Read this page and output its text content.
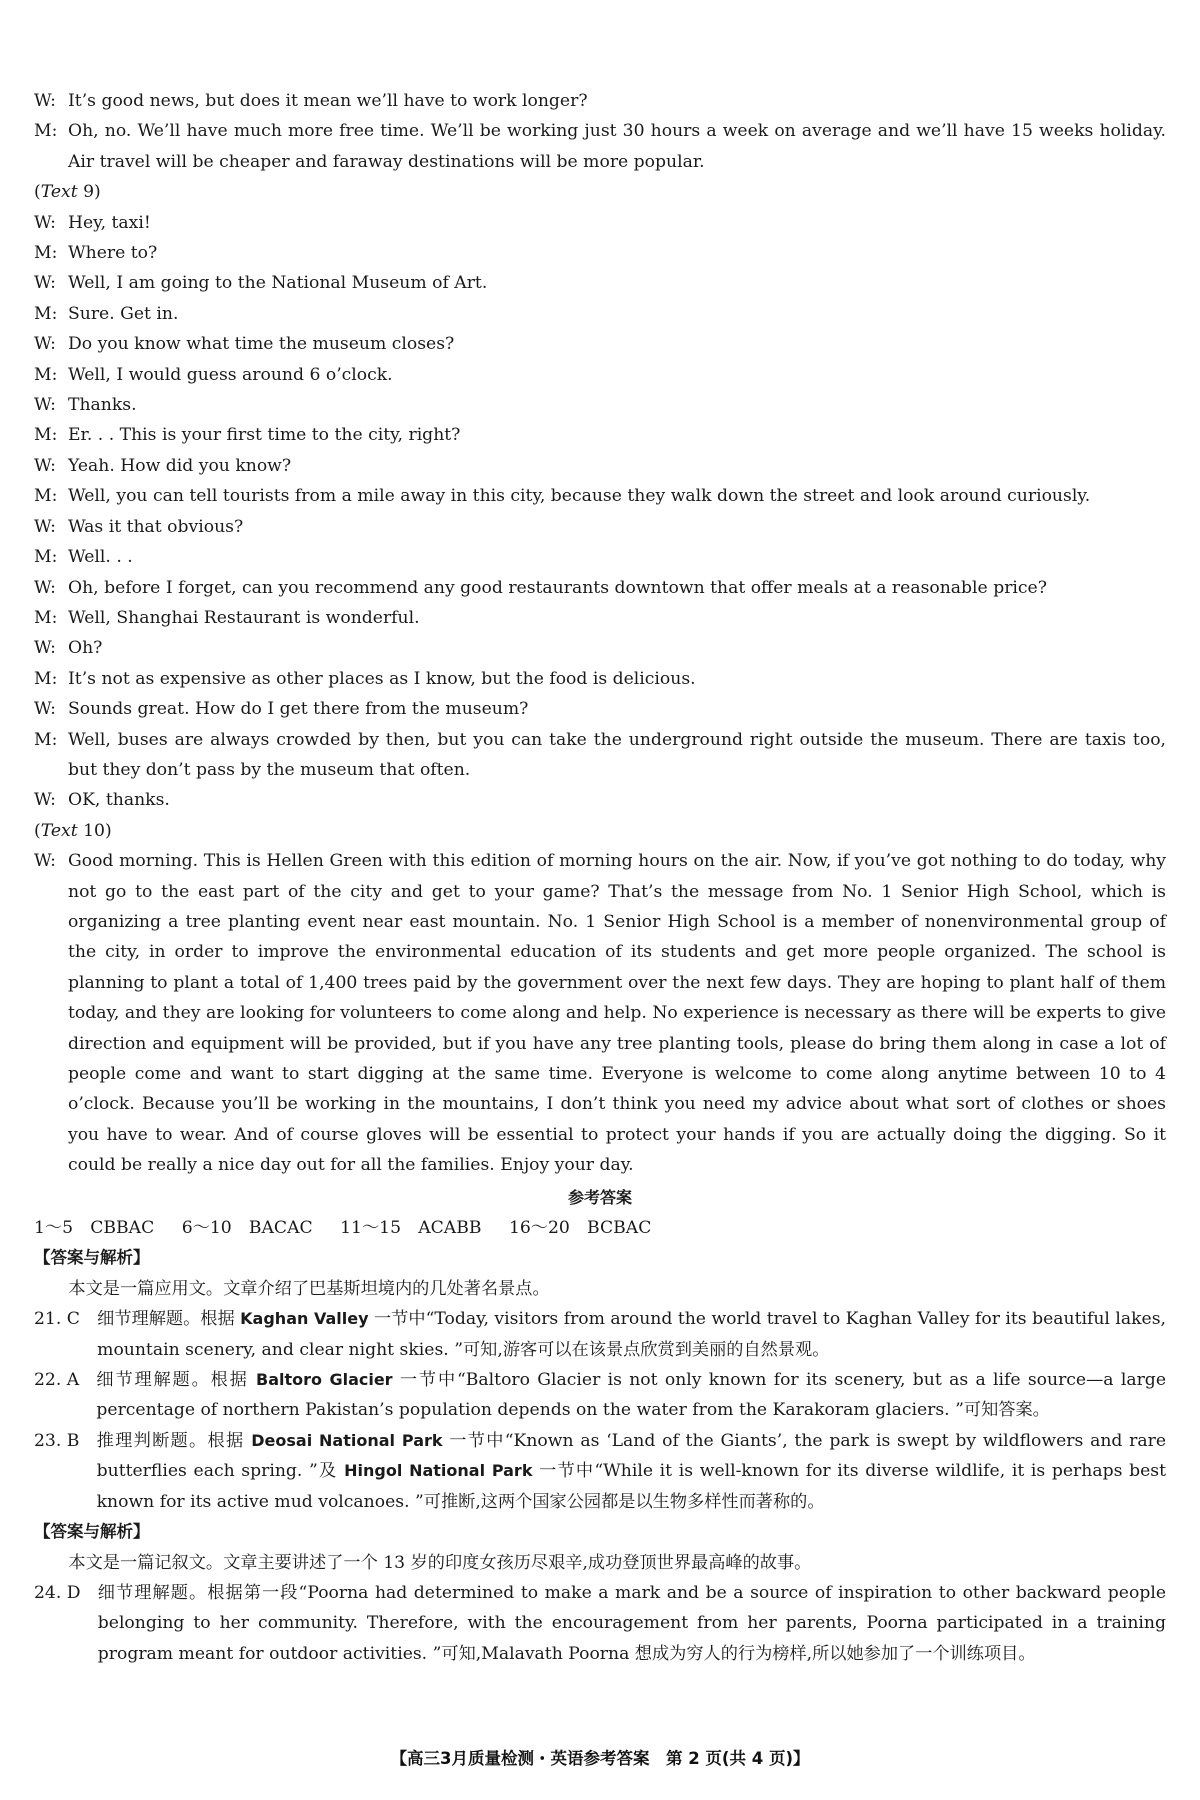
W: It’s good news, but does it mean we’ll have to work longer?
M: Oh, no. We’ll have much more free time. We’ll be working just 30 hours a week on average and we’ll have 15 weeks holiday. Air travel will be cheaper and faraway destinations will be more popular.

(Text 9)

W: Hey, taxi!
M: Where to?
W: Well, I am going to the National Museum of Art.
M: Sure. Get in.
W: Do you know what time the museum closes?
M: Well, I would guess around 6 o’clock.
W: Thanks.
M: Er. . . This is your first time to the city, right?
W: Yeah. How did you know?
M: Well, you can tell tourists from a mile away in this city, because they walk down the street and look around curiously.
W: Was it that obvious?
M: Well. . .
W: Oh, before I forget, can you recommend any good restaurants downtown that offer meals at a reasonable price?
M: Well, Shanghai Restaurant is wonderful.
W: Oh?
M: It’s not as expensive as other places as I know, but the food is delicious.
W: Sounds great. How do I get there from the museum?
M: Well, buses are always crowded by then, but you can take the underground right outside the museum. There are taxis too, but they don’t pass by the museum that often.
W: OK, thanks.

(Text 10)

W: Good morning. This is Hellen Green with this edition of morning hours on the air. Now, if you’ve got nothing to do today, why not go to the east part of the city and get to your game? That’s the message from No. 1 Senior High School, which is organizing a tree planting event near east mountain. No. 1 Senior High School is a member of nonenvironmental group of the city, in order to improve the environmental education of its students and get more people organized. The school is planning to plant a total of 1,400 trees paid by the government over the next few days. They are hoping to plant half of them today, and they are looking for volunteers to come along and help. No experience is necessary as there will be experts to give direction and equipment will be provided, but if you have any tree planting tools, please do bring them along in case a lot of people come and want to start digging at the same time. Everyone is welcome to come along anytime between 10 to 4 o’clock. Because you’ll be working in the mountains, I don’t think you need my advice about what sort of clothes or shoes you have to wear. And of course gloves will be essential to protect your hands if you are actually doing the digging. So it could be really a nice day out for all the families. Enjoy your day.

参考答案

1～5　CBBAC 6～10　BACAC 11～15　ACABB 16～20　BCBAC

【答案与解析】

本文是一篇应用文。文章介绍了巴基斯坦境内的几处著名景点。

21. C　 细节理解题。根据 Kaghan Valley 一节中“Today, visitors from around the world travel to Kaghan Valley for its beautiful lakes, mountain scenery, and clear night skies. ”可知,游客可以在该景点欣赏到美丽的自然景观。
22. A　 细节理解题。根据 Baltoro Glacier 一节中“Baltoro Glacier is not only known for its scenery, but as a life source—a large percentage of northern Pakistan’s population depends on the water from the Karakoram glaciers. ”可知答案。
23. B　 推理判断题。根据 Deosai National Park 一节中“Known as ‘Land of the Giants’, the park is swept by wildflowers and rare butterflies each spring. ”及 Hingol National Park 一节中“While it is well-known for its diverse wildlife, it is perhaps best known for its active mud volcanoes. ”可推断,这两个国家公园都是以生物多样性而著称的。

【答案与解析】

本文是一篇记叙文。文章主要讲述了一个 13 岁的印度女孩历尽艰辛,成功登顶世界最高峰的故事。

24. D　 细节理解题。根据第一段“Poorna had determined to make a mark and be a source of inspiration to other backward people belonging to her community. Therefore, with the encouragement from her parents, Poorna participated in a training program meant for outdoor activities. ”可知,Malavath Poorna 想成为穷人的行为榜样,所以她参加了一个训练项目。
【高三3月质量检测・英语参考答案　第 2 页(共 4 页)】
